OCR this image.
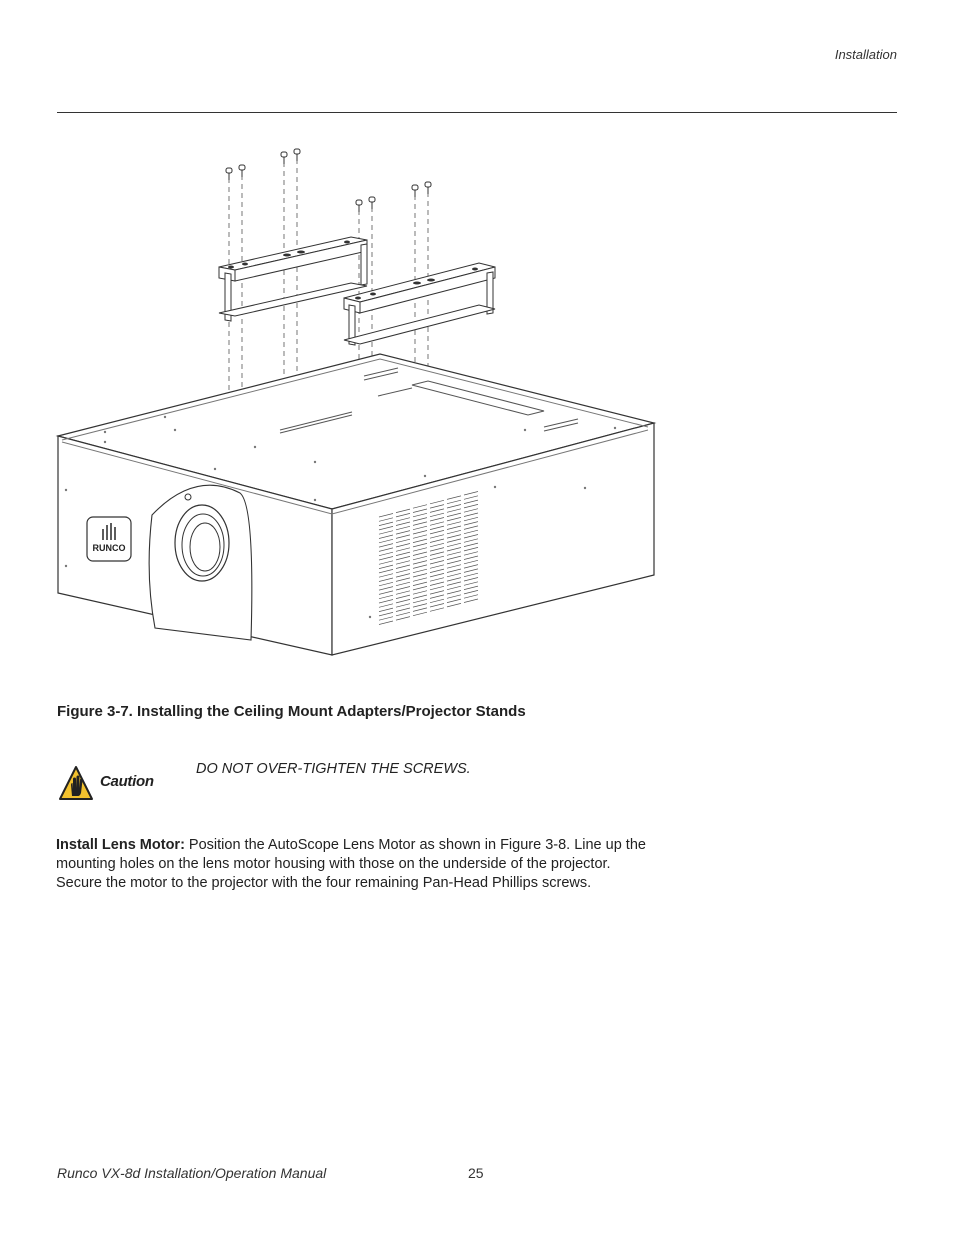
Installation
RUNCO
Figure 3-7. Installing the Ceiling Mount Adapters/Projector Stands
Caution
DO NOT OVER-TIGHTEN THE SCREWS.

Install Lens Motor: Position the AutoScope Lens Motor as shown in Figure 3-8. Line up the mounting holes on the lens motor housing with those on the underside of the projector. Secure the motor to the projector with the four remaining Pan-Head Phillips screws.

Runco VX-8d Installation/Operation Manual	25
